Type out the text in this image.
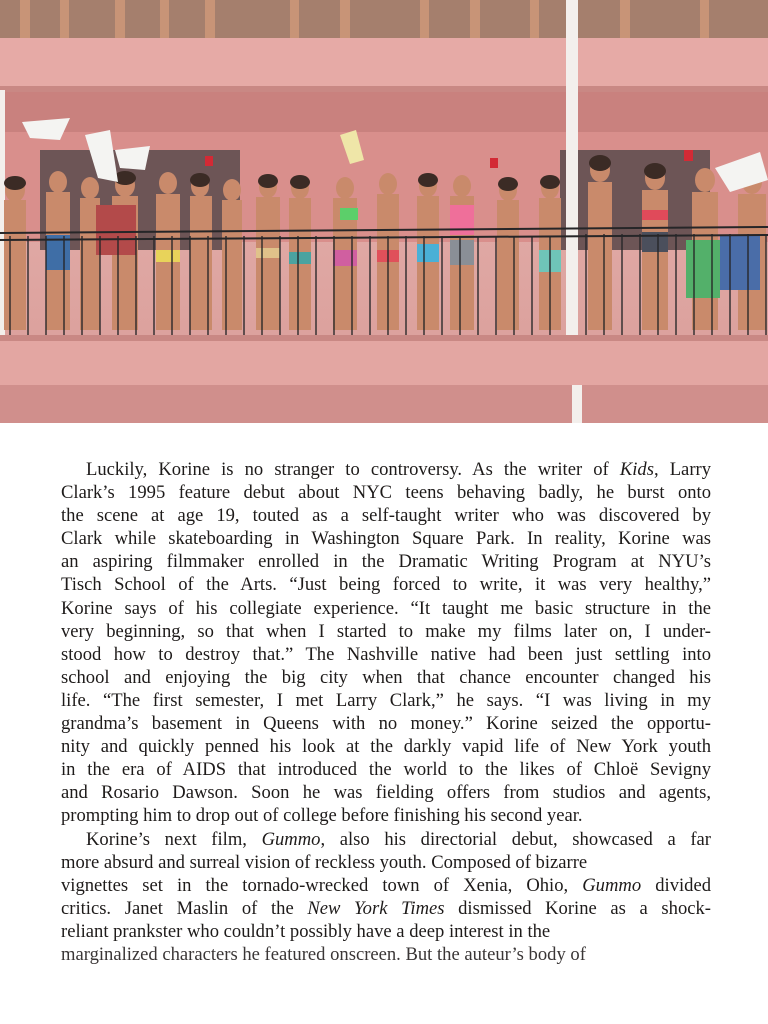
Luckily, Korine is no stranger to controversy. As the writer of Kids, Larry
Clark’s 1995 feature debut about NYC teens behaving badly, he burst onto
the scene at age 19, touted as a self-taught writer who was discovered by
Clark while skateboarding in Washington Square Park. In reality, Korine was
an aspiring filmmaker enrolled in the Dramatic Writing Program at NYU’s
Tisch School of the Arts. “Just being forced to write, it was very healthy,”
Korine says of his collegiate experience. “It taught me basic structure in the
very beginning, so that when I started to make my films later on, I under-
stood how to destroy that.” The Nashville native had been just settling into
school and enjoying the big city when that chance encounter changed his
life. “The first semester, I met Larry Clark,” he says. “I was living in my
grandma’s basement in Queens with no money.” Korine seized the opportu-
nity and quickly penned his look at the darkly vapid life of New York youth
in the era of AIDS that introduced the world to the likes of Chloë Sevigny
and Rosario Dawson. Soon he was fielding offers from studios and agents,
prompting him to drop out of college before finishing his second year.

Korine’s next film, Gummo, also his directorial debut, showcased a far
more absurd and surreal vision of reckless youth. Composed of bizarre
vignettes set in the tornado-wrecked town of Xenia, Ohio, Gummo divided
critics. Janet Maslin of the New York Times dismissed Korine as a shock-
reliant prankster who couldn’t possibly have a deep interest in the
marginalized characters he featured onscreen. But the auteur’s body of
